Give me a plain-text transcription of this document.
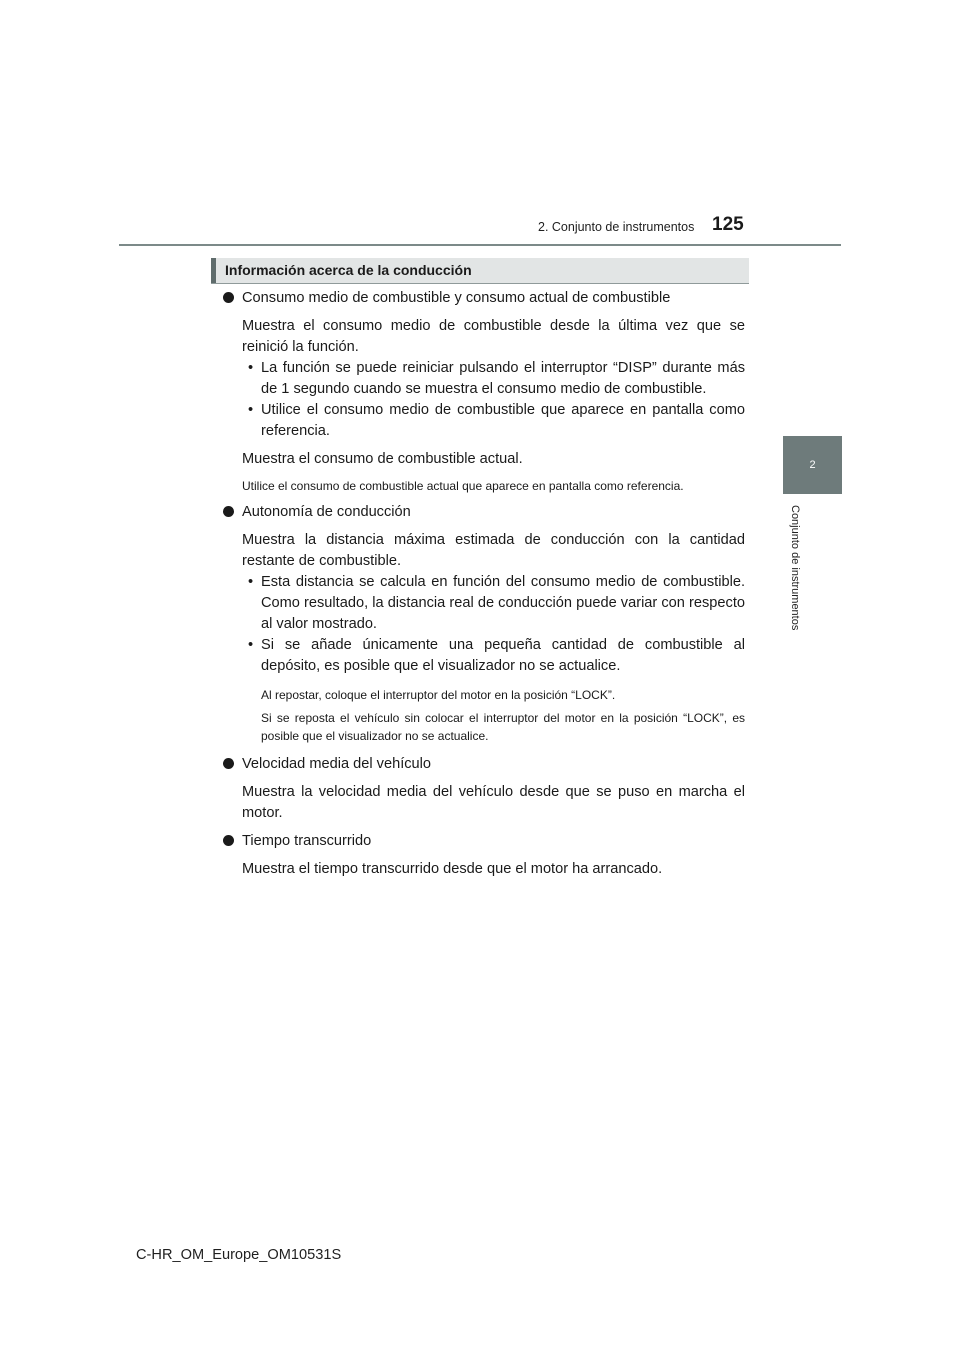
2. Conjunto de instrumentos 125
2
Conjunto de instrumentos
Información acerca de la conducción

Consumo medio de combustible y consumo actual de combustible

Muestra el consumo medio de combustible desde la última vez que se reinició la función.

• La función se puede reiniciar pulsando el interruptor “DISP” durante más de 1 segundo cuando se muestra el consumo medio de combustible.

• Utilice el consumo medio de combustible que aparece en pantalla como referencia.

Muestra el consumo de combustible actual.

Utilice el consumo de combustible actual que aparece en pantalla como referencia.

Autonomía de conducción

Muestra la distancia máxima estimada de conducción con la cantidad restante de combustible.

• Esta distancia se calcula en función del consumo medio de combustible. Como resultado, la distancia real de conducción puede variar con respecto al valor mostrado.

• Si se añade únicamente una pequeña cantidad de combustible al depósito, es posible que el visualizador no se actualice.

Al repostar, coloque el interruptor del motor en la posición “LOCK”.

Si se reposta el vehículo sin colocar el interruptor del motor en la posición “LOCK”, es posible que el visualizador no se actualice.

Velocidad media del vehículo

Muestra la velocidad media del vehículo desde que se puso en marcha el motor.

Tiempo transcurrido

Muestra el tiempo transcurrido desde que el motor ha arrancado.

C-HR_OM_Europe_OM10531S
